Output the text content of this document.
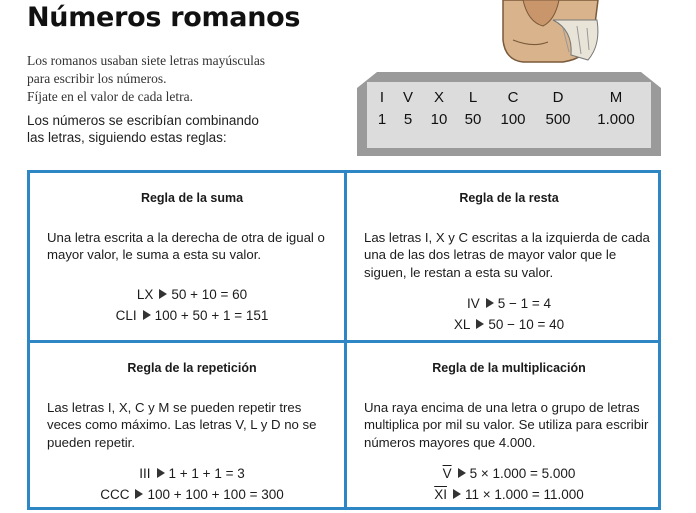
Números romanos

Los romanos usaban siete letras mayúsculas

para escribir los números.

Fíjate en el valor de cada letra.

Los números se escribían combinando

las letras, siguiendo estas reglas:

I V X L C D	M
1 5 10 50 100 500 1.000
Regla de la suma
Una letra escrita a la derecha de otra de igual o mayor valor, le suma a esta su valor.
LX 50 + 10 = 60
CLI 100 + 50 + 1 = 151
Regla de la resta
Las letras I, X y C escritas a la izquierda de cada una de las dos letras de mayor valor que le siguen, le restan a esta su valor.
IV 5 − 1 = 4
XL 50 − 10 = 40
Regla de la repetición
Las letras I, X, C y M se pueden repetir tres veces como máximo. Las letras V, L y D no se pueden repetir.
III 1 + 1 + 1 = 3
CCC 100 + 100 + 100 = 300
Regla de la multiplicación
Una raya encima de una letra o grupo de letras multiplica por mil su valor. Se utiliza para escribir números mayores que 4.000.
$\overline{V}$ 5 × 1.000 = 5.000
$\overline{XI}$ 11 × 1.000 = 11.000
